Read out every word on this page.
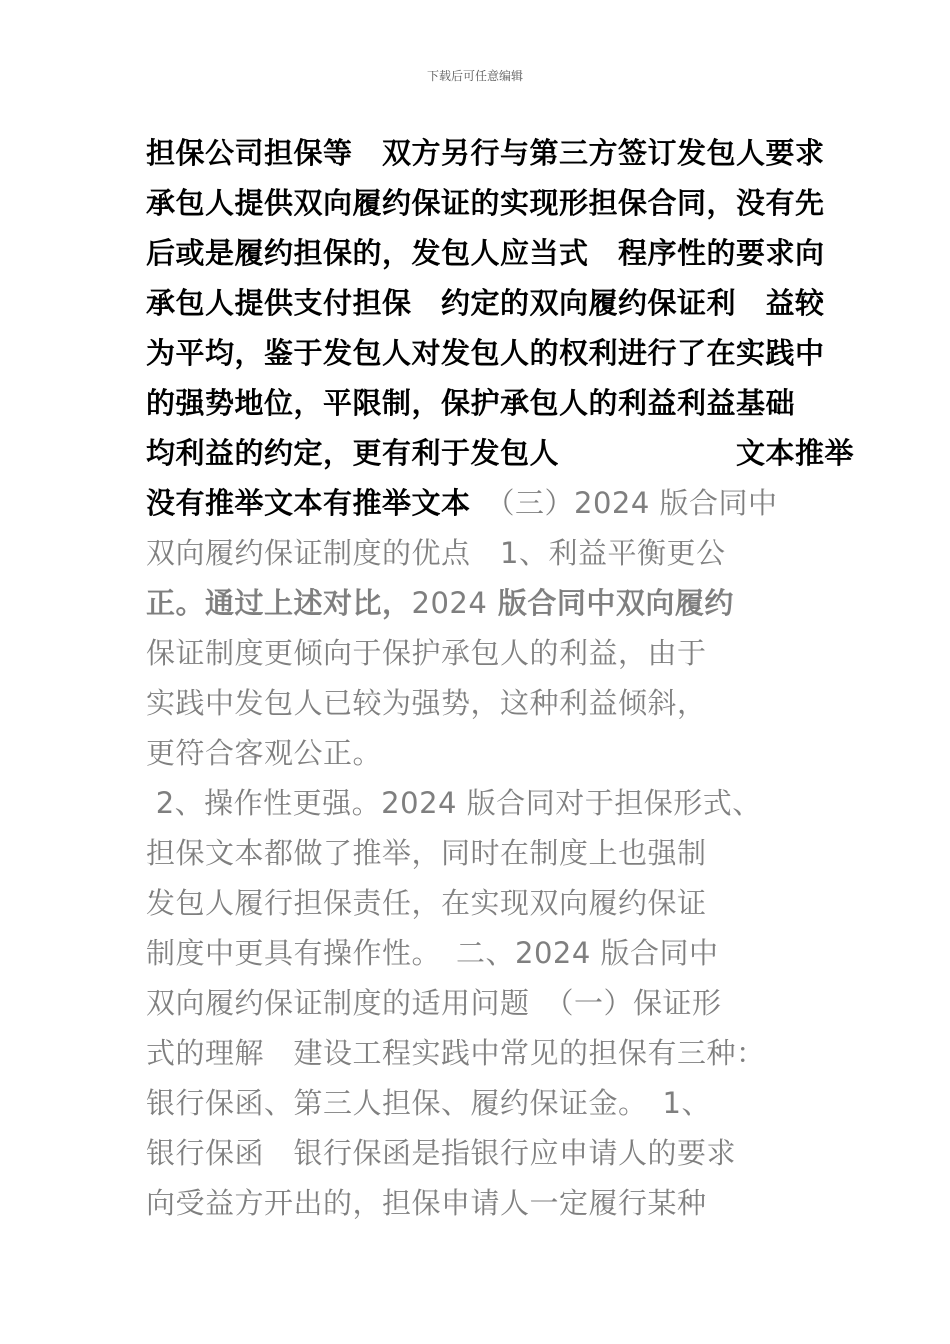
下载后可任意编辑
担保公司担保等　双方另行与第三方签订发包人要求
承包人提供双向履约保证的实现形担保合同，没有先
后或是履约担保的，发包人应当式　程序性的要求向
承包人提供支付担保　约定的双向履约保证利　益较
为平均，鉴于发包人对发包人的权利进行了在实践中
的强势地位，平限制，保护承包人的利益利益基础
均利益的约定，更有利于发包人　　　　　　文本推举
没有推举文本有推举文本　（三）2024 版合同中
双向履约保证制度的优点　1、利益平衡更公
正。通过上述对比，2024 版合同中双向履约
保证制度更倾向于保护承包人的利益，由于
实践中发包人已较为强势，这种利益倾斜，
更符合客观公正。
2、操作性更强。2024 版合同对于担保形式、
担保文本都做了推举，同时在制度上也强制
发包人履行担保责任，在实现双向履约保证
制度中更具有操作性。　二、2024 版合同中
双向履约保证制度的适用问题　（一）保证形
式的理解　建设工程实践中常见的担保有三种：
银行保函、第三人担保、履约保证金。　1、
银行保函　银行保函是指银行应申请人的要求
向受益方开出的，担保申请人一定履行某种
